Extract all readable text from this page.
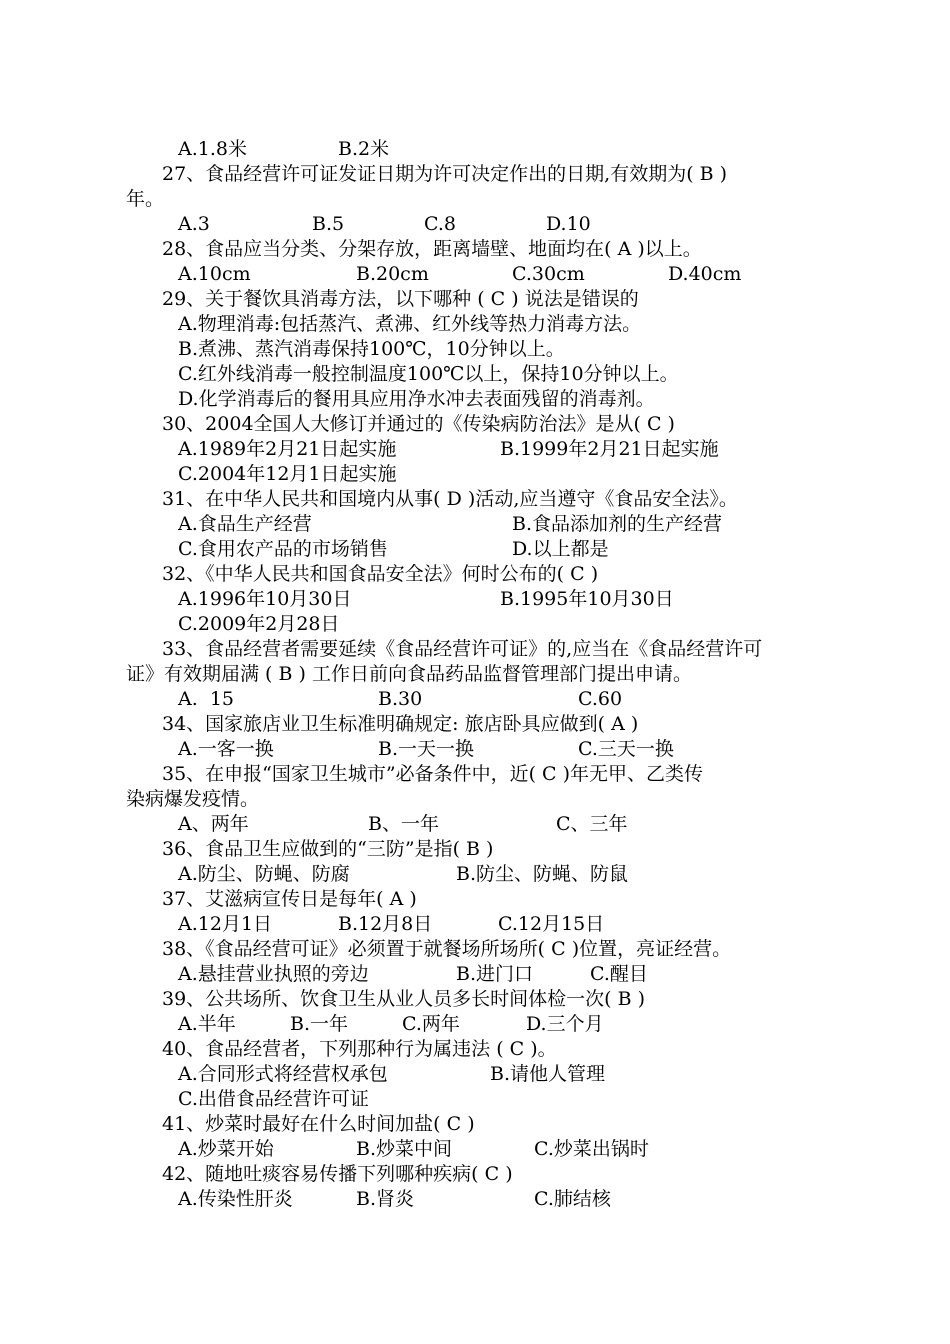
A.1.8米	B.2米
27、食品经营许可证发证日期为许可决定作出的日期,有效期为( B )
年。
A.3	B.5	C.8	D.10
28、食品应当分类、分架存放，距离墙壁、地面均在( A )以上。
A.10cm	B.20cm	C.30cm	D.40cm
29、关于餐饮具消毒方法，以下哪种 ( C ) 说法是错误的
A.物理消毒:包括蒸汽、煮沸、红外线等热力消毒方法。
B.煮沸、蒸汽消毒保持100℃，10分钟以上。
C.红外线消毒一般控制温度100℃以上，保持10分钟以上。
D.化学消毒后的餐用具应用净水冲去表面残留的消毒剂。
30、2004全国人大修订并通过的《传染病防治法》是从( C )
A.1989年2月21日起实施	B.1999年2月21日起实施
C.2004年12月1日起实施
31、在中华人民共和国境内从事( D )活动,应当遵守《食品安全法》。
A.食品生产经营	B.食品添加剂的生产经营
C.食用农产品的市场销售	D.以上都是
32、《中华人民共和国食品安全法》何时公布的( C )
A.1996年10月30日	B.1995年10月30日
C.2009年2月28日
33、食品经营者需要延续《食品经营许可证》的,应当在《食品经营许可
证》有效期届满 ( B ) 工作日前向食品药品监督管理部门提出申请。
A.  15	B.30	C.60
34、国家旅店业卫生标准明确规定: 旅店卧具应做到( A )
A.一客一换	B.一天一换	C.三天一换
35、在申报“国家卫生城市”必备条件中，近( C )年无甲、乙类传
染病爆发疫情。
A、两年	B、一年	C、三年
36、食品卫生应做到的“三防”是指( B )
A.防尘、防蝇、防腐	B.防尘、防蝇、防鼠
37、艾滋病宣传日是每年( A )
A.12月1日	B.12月8日	C.12月15日
38、《食品经营可证》必须置于就餐场所场所( C )位置，亮证经营。
A.悬挂营业执照的旁边	B.进门口	C.醒目
39、公共场所、饮食卫生从业人员多长时间体检一次( B )
A.半年	B.一年	C.两年	D.三个月
40、食品经营者，下列那种行为属违法 ( C )。
A.合同形式将经营权承包	B.请他人管理
C.出借食品经营许可证
41、炒菜时最好在什么时间加盐( C )
A.炒菜开始	B.炒菜中间	C.炒菜出锅时
42、随地吐痰容易传播下列哪种疾病( C )
A.传染性肝炎	B.肾炎	C.肺结核
